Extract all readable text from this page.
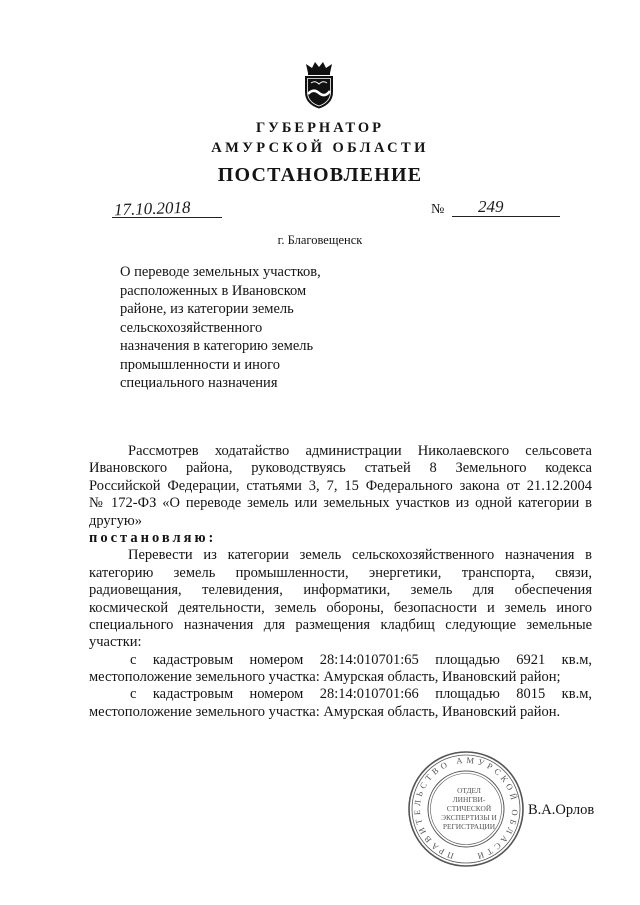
ГУБЕРНАТОР
АМУРСКОЙ ОБЛАСТИ
ПОСТАНОВЛЕНИЕ
17.10.2018	№ 249
г. Благовещенск
О переводе земельных участков,
расположенных в Ивановском
районе, из категории земель
сельскохозяйственного
назначения в категорию земель
промышленности и иного
специального назначения
Рассмотрев ходатайство администрации Николаевского сельсовета
Ивановского района, руководствуясь статьей 8 Земельного кодекса
Российской Федерации, статьями 3, 7, 15 Федерального закона от 21.12.2004
№ 172-ФЗ «О переводе земель или земельных участков из одной категории в
другую»
постановляю:
Перевести из категории земель сельскохозяйственного назначения в
категорию земель промышленности, энергетики, транспорта, связи,
радиовещания, телевидения, информатики, земель для обеспечения
космической деятельности, земель обороны, безопасности и земель иного
специального назначения для размещения кладбищ следующие земельные
участки:
с кадастровым номером 28:14:010701:65 площадью 6921 кв.м,
местоположение земельного участка: Амурская область, Ивановский район;
с кадастровым номером 28:14:010701:66 площадью 8015 кв.м,
местоположение земельного участка: Амурская область, Ивановский район.
ПРАВИТЕЛЬСТВО АМУРСКОЙ ОБЛАСТИ
ОТДЕЛ
ЛИНГВИ-
СТИЧЕСКОЙ
ЭКСПЕРТИЗЫ И
РЕГИСТРАЦИИ
В.А.Орлов
